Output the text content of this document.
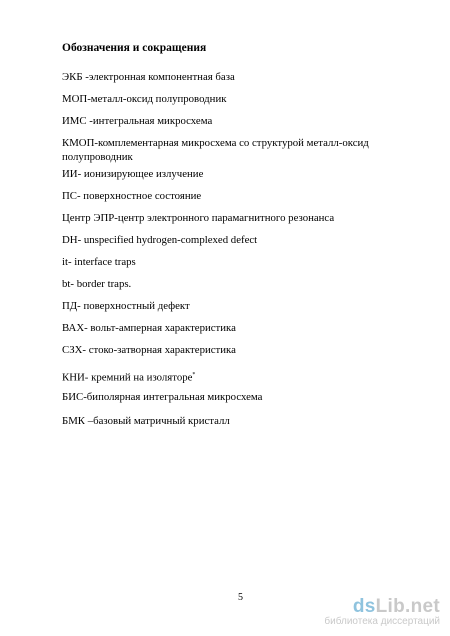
Обозначения и сокращения
ЭКБ -электронная компонентная база
МОП-металл-оксид полупроводник
ИМС -интегральная микросхема
КМОП-комплементарная микросхема со структурой металл-оксид полупроводник
ИИ- ионизирующее излучение
ПС- поверхностное состояние
Центр ЭПР-центр электронного парамагнитного резонанса
DH- unspecified hydrogen-complexed defect
it- interface traps
bt- border traps.
ПД- поверхностный дефект
ВАХ- вольт-амперная характеристика
СЗХ- стоко-затворная характеристика
КНИ- кремний на изоляторе*
БИС-биполярная интегральная микросхема
БМК –базовый матричный кристалл
5	dsLib.net
библиотека диссертаций
